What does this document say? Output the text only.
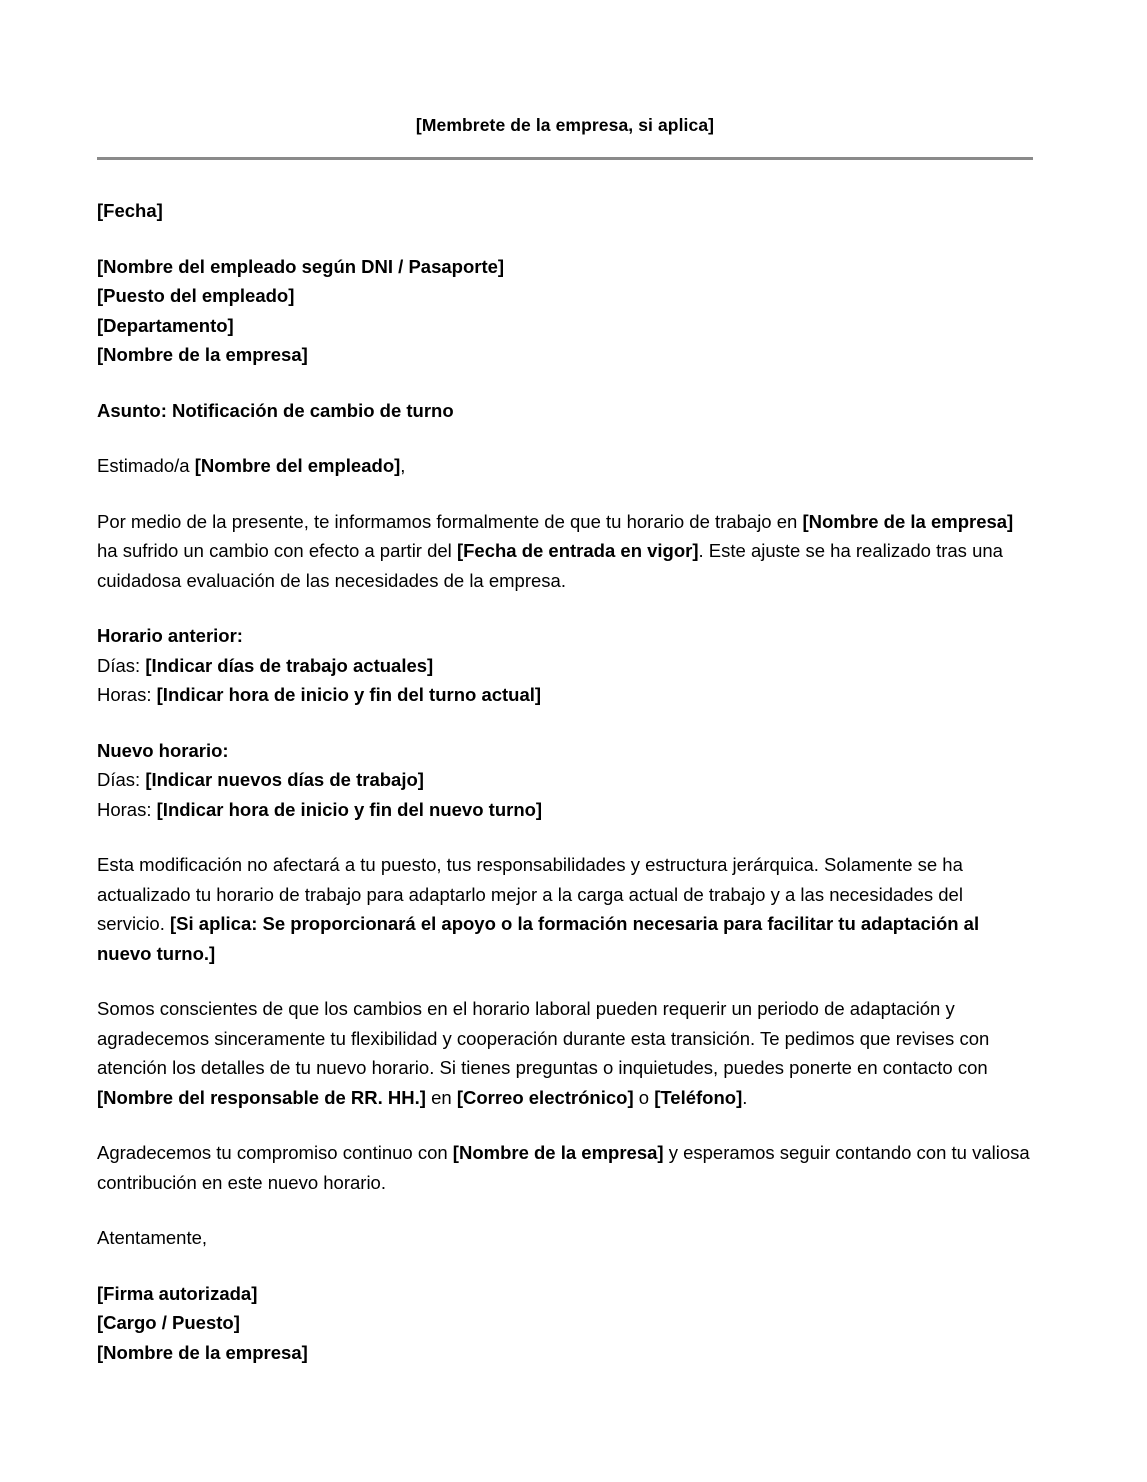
[Membrete de la empresa, si aplica]

[Fecha]

[Nombre del empleado según DNI / Pasaporte]
[Puesto del empleado]
[Departamento]
[Nombre de la empresa]

Asunto: Notificación de cambio de turno

Estimado/a [Nombre del empleado],

Por medio de la presente, te informamos formalmente de que tu horario de trabajo en [Nombre de la empresa] ha sufrido un cambio con efecto a partir del [Fecha de entrada en vigor]. Este ajuste se ha realizado tras una cuidadosa evaluación de las necesidades de la empresa.

Horario anterior:
Días: [Indicar días de trabajo actuales]
Horas: [Indicar hora de inicio y fin del turno actual]
Nuevo horario:
Días: [Indicar nuevos días de trabajo]
Horas: [Indicar hora de inicio y fin del nuevo turno]

Esta modificación no afectará a tu puesto, tus responsabilidades y estructura jerárquica. Solamente se ha actualizado tu horario de trabajo para adaptarlo mejor a la carga actual de trabajo y a las necesidades del servicio. [Si aplica: Se proporcionará el apoyo o la formación necesaria para facilitar tu adaptación al nuevo turno.]

Somos conscientes de que los cambios en el horario laboral pueden requerir un periodo de adaptación y agradecemos sinceramente tu flexibilidad y cooperación durante esta transición. Te pedimos que revises con atención los detalles de tu nuevo horario. Si tienes preguntas o inquietudes, puedes ponerte en contacto con [Nombre del responsable de RR. HH.] en [Correo electrónico] o [Teléfono].

Agradecemos tu compromiso continuo con [Nombre de la empresa] y esperamos seguir contando con tu valiosa contribución en este nuevo horario.

Atentamente,

[Firma autorizada]
[Cargo / Puesto]
[Nombre de la empresa]
